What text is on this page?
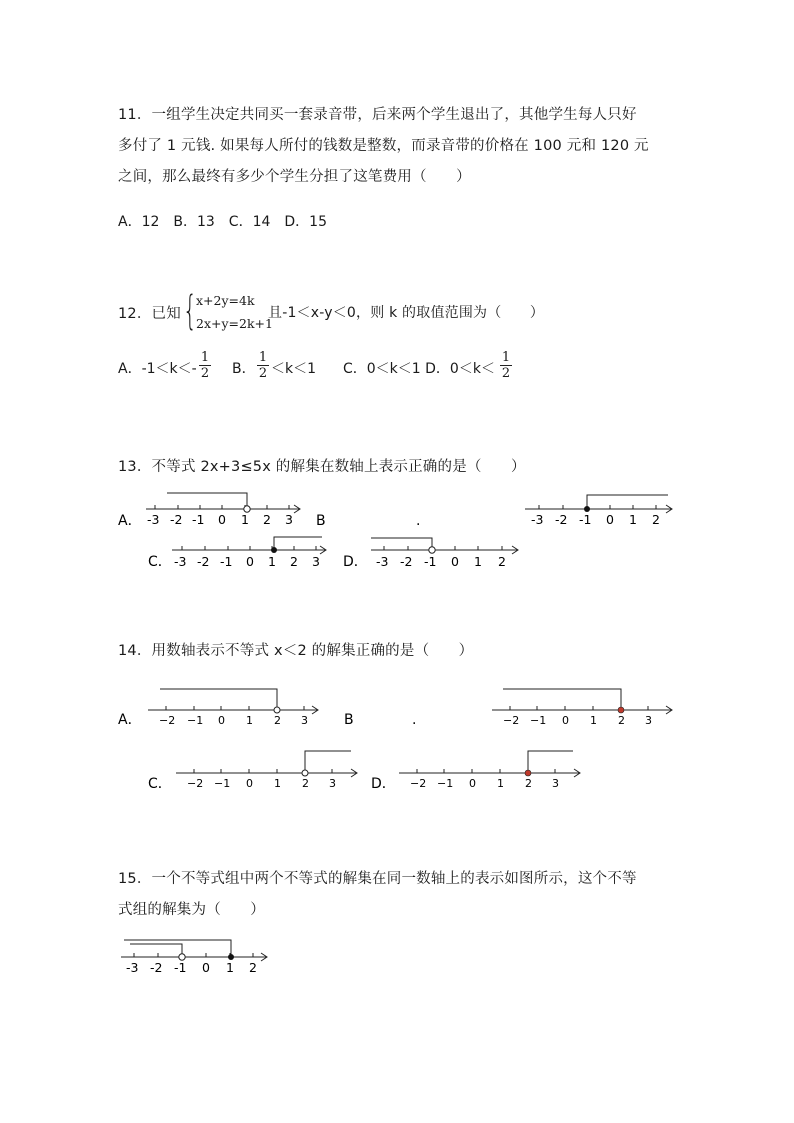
11．一组学生决定共同买一套录音带，后来两个学生退出了，其他学生每人只好
多付了 1 元钱. 如果每人所付的钱数是整数，而录音带的价格在 100 元和 120 元
之间，那么最终有多少个学生分担了这笔费用（　　）
A．12　B．13　C．14　D．15
12．已知 { x+2y=4k
2x+y=2k+1
且-1＜x-y＜0，则 k 的取值范围为（　　）
A．$-1<k<- \frac{1}{2}$ B． $\frac{1}{2} <k<1$ C．0＜k＜1 D．$0<k< \frac{1}{2}$
13．不等式 2x+3≤5x 的解集在数轴上表示正确的是（　　）
A．	B	.
C．	D．
-3 -2 -1 0 1 2 3	-3 -2 -1 0 1 2
-3 -2 -1 0 1 2 3	-3 -2 -1 0 1 2
A．	B	.
C．	D．
−2 −1 0 1 2 3	−2 −1 0 1 2 3
−2 −1 0 1 2 3	−2 −1 0 1 2 3
-3 -2 -1 0 1 2
14．用数轴表示不等式 x＜2 的解集正确的是（　　）
15．一个不等式组中两个不等式的解集在同一数轴上的表示如图所示，这个不等
式组的解集为（　　）
